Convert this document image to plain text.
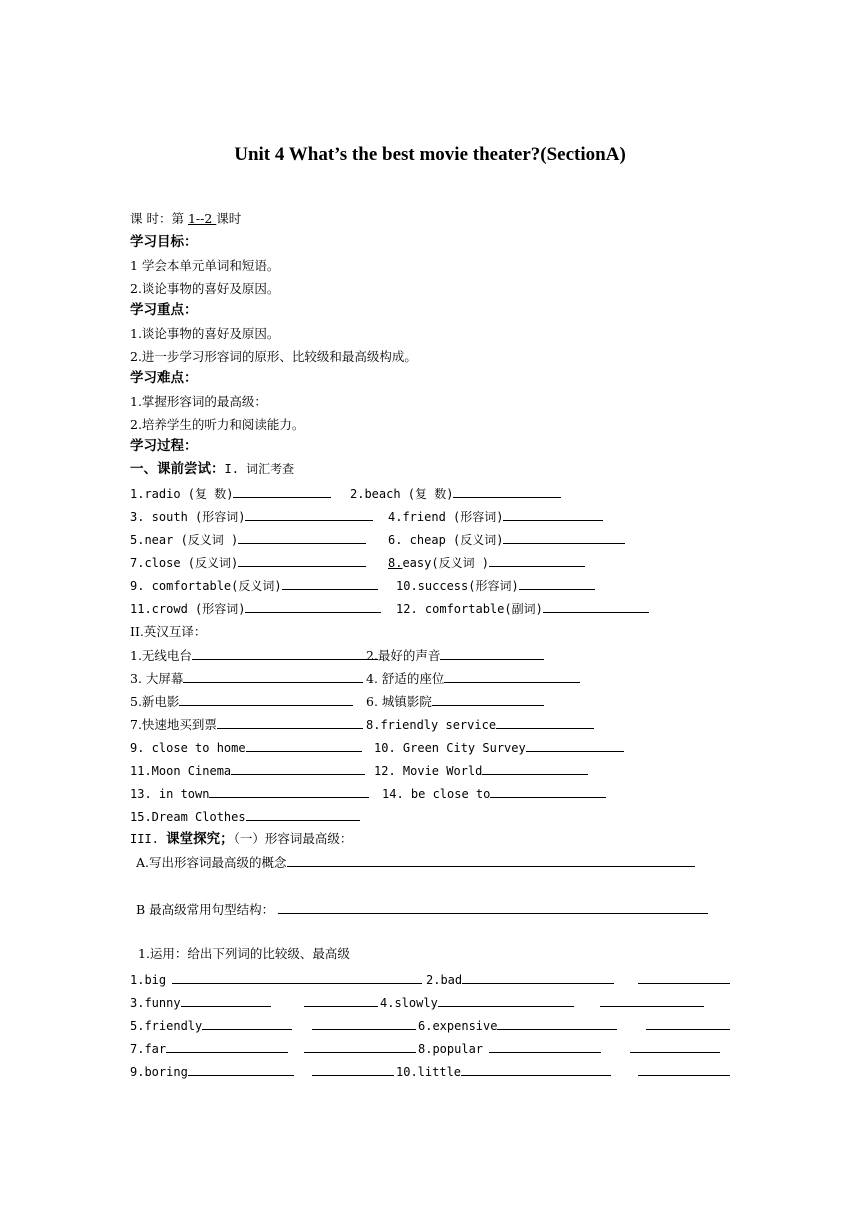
Unit 4 What’s the best movie theater?(SectionA)
课 时：第 1--2 课时
学习目标：
1 学会本单元单词和短语。
2.谈论事物的喜好及原因。
学习重点：
1.谈论事物的喜好及原因。
2.进一步学习形容词的原形、比较级和最高级构成。
学习难点：
1.掌握形容词的最高级：
2.培养学生的听力和阅读能力。
学习过程：
一、课前尝试：I. 词汇考查
1.radio (复 数)	2.beach (复 数)
3. south (形容词)	4.friend (形容词)
5.near (反义词 )	6. cheap (反义词)
7.close (反义词)	8.easy(反义词 )
9. comfortable(反义词)	10.success(形容词)
11.crowd (形容词)	12. comfortable(副词)
II.英汉互译：
1.无线电台	2.最好的声音
3. 大屏幕	4. 舒适的座位
5.新电影	6. 城镇影院
7.快速地买到票	8.friendly service
9. close to home	10. Green City Survey
11.Moon Cinema	12. Movie World
13. in town	14. be close to
15.Dream Clothes
III. 课堂探究；（一）形容词最高级：
A.写出形容词最高级的概念
B 最高级常用句型结构：
1.运用：给出下列词的比较级、最高级
1.big	2.bad
3.funny	4.slowly
5.friendly	6.expensive
7.far	8.popular
9.boring	10.little
